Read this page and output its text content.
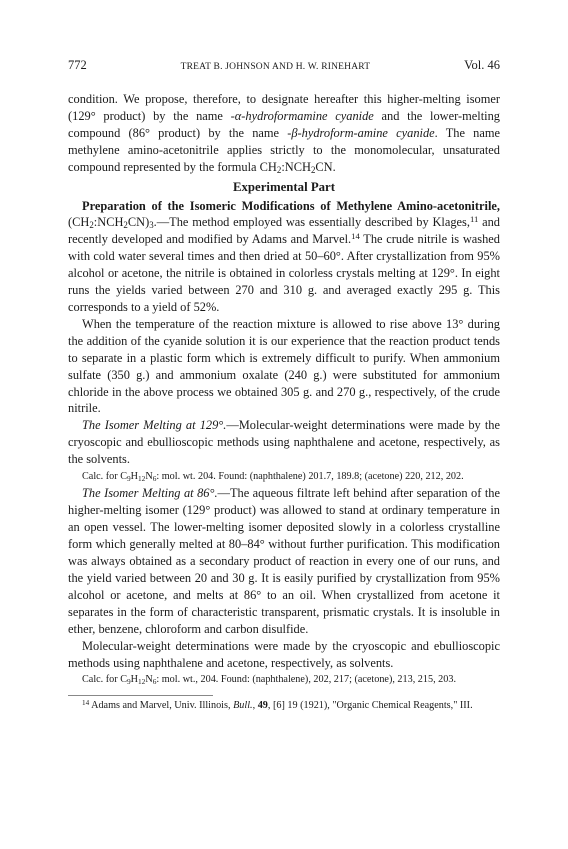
772	TREAT B. JOHNSON AND H. W. RINEHART	Vol. 46

condition. We propose, therefore, to designate hereafter this higher-melting isomer (129° product) by the name -α-hydroformamine cyanide and the lower-melting compound (86° product) by the name -β-hydroform-amine cyanide. The name methylene amino-acetonitrile applies strictly to the monomolecular, unsaturated compound represented by the formula $CH_2:NCH_2CN$.

Experimental Part

Preparation of the Isomeric Modifications of Methylene Amino-acetonitrile, $(CH_2:NCH_2CN)_3.—The$ method employed was essentially described by Klages,$^{11}$ and recently developed and modified by Adams and Marvel.$^{14}$ The crude nitrile is washed with cold water several times and then dried at 50–60°. After crystallization from 95% alcohol or acetone, the nitrile is obtained in colorless crystals melting at 129°. In eight runs the yields varied between 270 and 310 g. and averaged exactly 295 g. This corresponds to a yield of 52%.

When the temperature of the reaction mixture is allowed to rise above 13° during the addition of the cyanide solution it is our experience that the reaction product tends to separate in a plastic form which is extremely difficult to purify. When ammonium sulfate (350 g.) and ammonium oxalate (240 g.) were substituted for ammonium chloride in the above process we obtained 305 g. and 270 g., respectively, of the crude nitrile.

The Isomer Melting at 129°.—Molecular-weight determinations were made by the cryoscopic and ebullioscopic methods using naphthalene and acetone, respectively, as the solvents.

Calc. for $C_9H_{12}N_6$: mol. wt. 204. Found: (naphthalene) 201.7, 189.8; (acetone) 220, 212, 202.

The Isomer Melting at 86°.—The aqueous filtrate left behind after separation of the higher-melting isomer (129° product) was allowed to stand at ordinary temperature in an open vessel. The lower-melting isomer deposited slowly in a colorless crystalline form which generally melted at 80–84° without further purification. This modification was always obtained as a secondary product of reaction in every one of our runs, and the yield varied between 20 and 30 g. It is easily purified by crystallization from 95% alcohol or acetone, and melts at 86° to an oil. When crystallized from acetone it separates in the form of characteristic transparent, prismatic crystals. It is insoluble in ether, benzene, chloroform and carbon disulfide.

Molecular-weight determinations were made by the cryoscopic and ebullioscopic methods using naphthalene and acetone, respectively, as solvents.

Calc. for $C_9H_{12}N_6$: mol. wt., 204. Found: (naphthalene), 202, 217; (acetone), 213, 215, 203.

$^{14}$ Adams and Marvel, Univ. Illinois, Bull., 49, [6] 19 (1921), "Organic Chemical Reagents," III.
